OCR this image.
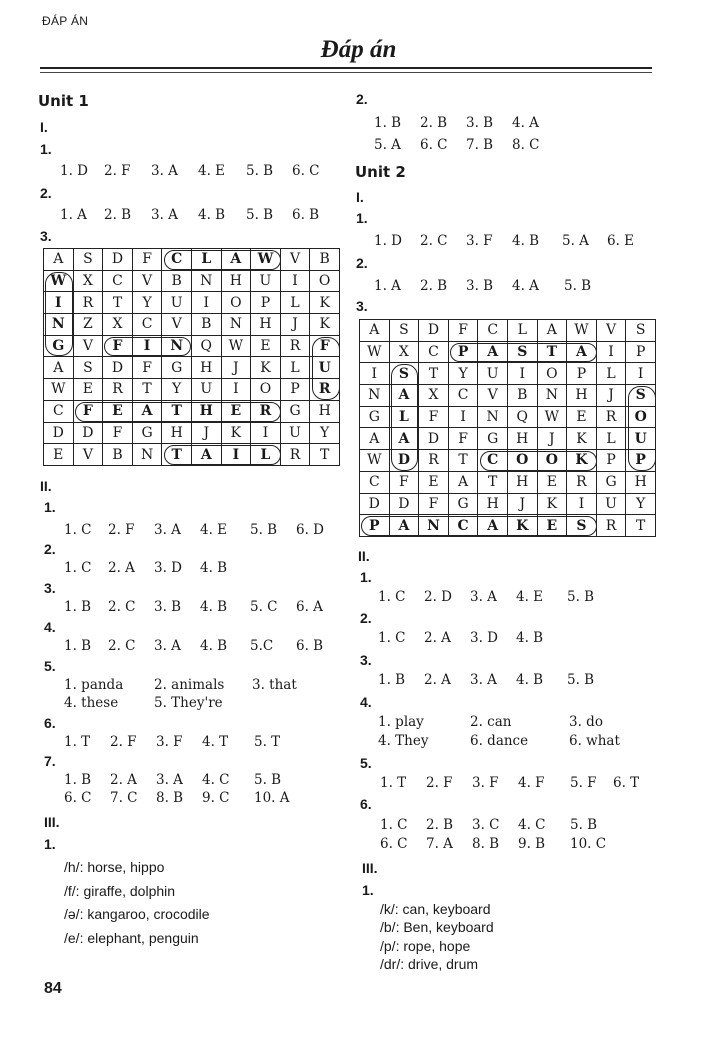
ĐÁP ÁN
Đáp án
Unit 1
I.
1.
1. D 2. F 3. A 4. E 5. B 6. C
2.
1. A 2. B 3. A 4. B 5. B 6. B
3.
A	S	D	F	C	L	A	W	V	B
W	X	C	V	B	N	H	U	I	O
I	R	T	Y	U	I	O	P	L	K
N	Z	X	C	V	B	N	H	J	K
G	V	F	I	N	Q	W	E	R	F
A	S	D	F	G	H	J	K	L	U
W	E	R	T	Y	U	I	O	P	R
C	F	E	A	T	H	E	R	G	H
D	D	F	G	H	J	K	I	U	Y
E	V	B	N	T	A	I	L	R	T
II.
1.
1. C 2. F 3. A 4. E 5. B 6. D
2.
1. C 2. A 3. D 4. B
3.
1. B 2. C 3. B 4. B 5. C 6. A
4.
1. B 2. C 3. A 4. B 5.C 6. B
5.
1. panda 2. animals 3. that
4. these	5. They're
6.
1. T 2. F 3. F 4. T 5. T
7.
1. B 2. A 3. A 4. C 5. B
6. C 7. C 8. B 9. C 10. A
III.
1.
/h/: horse, hippo
/f/: giraffe, dolphin
/ə/: kangaroo, crocodile
/e/: elephant, penguin
84
2.
1. B 2. B 3. B 4. A
5. A 6. C 7. B 8. C
Unit 2
I.
1.
1. D 2. C 3. F 4. B 5. A 6. E
2.
1. A 2. B 3. B 4. A 5. B
3.
A	S	D	F	C	L	A	W	V	S
W	X	C	P	A	S	T	A	I	P
I	S	T	Y	U	I	O	P	L	I
N	A	X	C	V	B	N	H	J	S
G	L	F	I	N	Q	W	E	R	O
A	A	D	F	G	H	J	K	L	U
W	D	R	T	C	O	O	K	P	P
C	F	E	A	T	H	E	R	G	H
D	D	F	G	H	J	K	I	U	Y
P	A	N	C	A	K	E	S	R	T
II.
1.
1. C 2. D 3. A 4. E 5. B
2.
1. C 2. A 3. D 4. B
3.
1. B 2. A 3. A 4. B 5. B
4.
1. play	2. can	3. do
4. They	6. dance	6. what
5.
1. T 2. F 3. F 4. F 5. F 6. T
6.
1. C 2. B 3. C 4. C 5. B
6. C 7. A 8. B 9. B 10. C
III.
1.
/k/: can, keyboard
/b/: Ben, keyboard
/p/: rope, hope
/dr/: drive, drum
